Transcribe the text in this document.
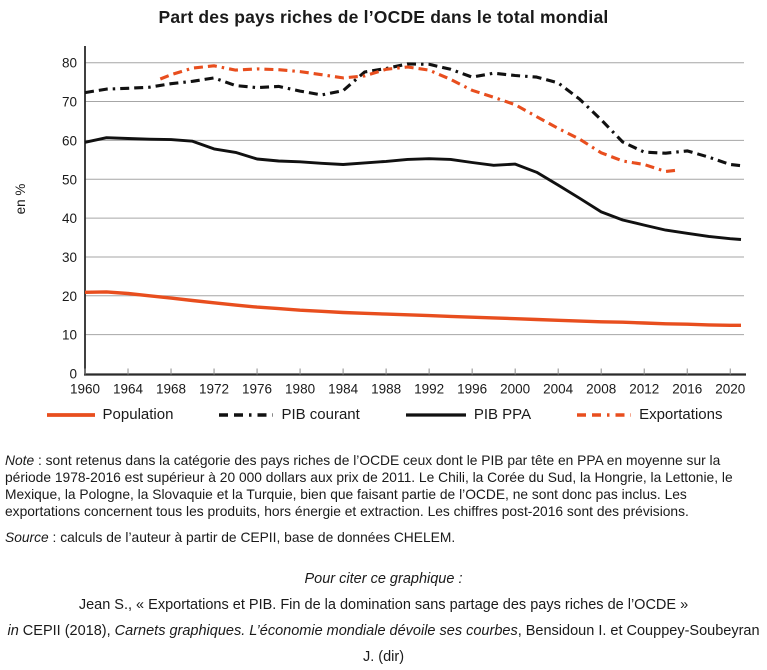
Part des pays riches de l’OCDE dans le total mondial
1960 1964 1968 1972 1976 1980 1984 1988 1992 1996 2000 2004 2008 2012 2016 2020
0
10
20
30
40
50
60
70
80
en %
Population	PIB courant	PIB PPA	Exportations
Note : sont retenus dans la catégorie des pays riches de l’OCDE ceux dont le PIB par tête en PPA en moyenne sur la période 1978-2016 est supérieur à 20 000 dollars aux prix de 2011. Le Chili, la Corée du Sud, la Hongrie, la Lettonie, le Mexique, la Pologne, la Slovaquie et la Turquie, bien que faisant partie de l’OCDE, ne sont donc pas inclus. Les exportations concernent tous les produits, hors énergie et extraction. Les chiffres post-2016 sont des prévisions.
Source : calculs de l’auteur à partir de CEPII, base de données CHELEM.
Pour citer ce graphique :
Jean S., « Exportations et PIB. Fin de la domination sans partage des pays riches de l’OCDE »
in CEPII (2018), Carnets graphiques. L’économie mondiale dévoile ses courbes, Bensidoun I. et Couppey-Soubeyran J. (dir)
